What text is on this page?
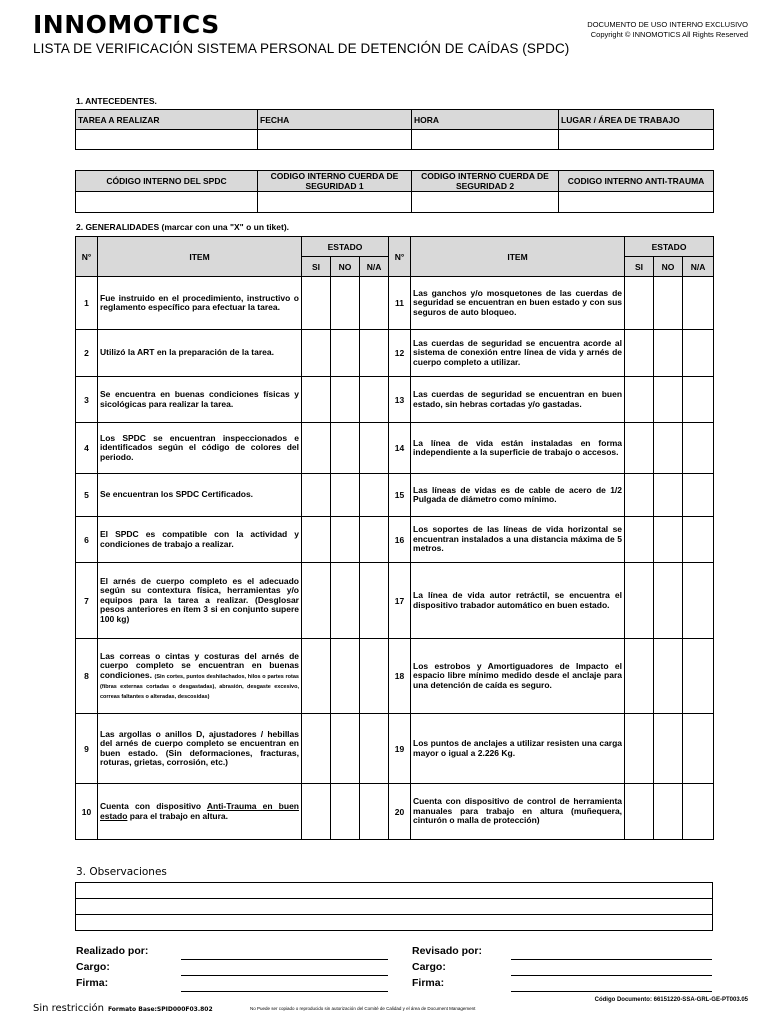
INNOMOTICS
LISTA DE VERIFICACIÓN SISTEMA PERSONAL DE DETENCIÓN DE CAÍDAS (SPDC)
DOCUMENTO DE USO INTERNO EXCLUSIVO
Copyright © INNOMOTICS All Rights Reserved
1. ANTECEDENTES.
TAREA A REALIZAR	FECHA	HORA	LUGAR / ÁREA DE TRABAJO

CÓDIGO INTERNO DEL SPDC	CODIGO INTERNO CUERDA DE SEGURIDAD 1	CODIGO INTERNO CUERDA DE SEGURIDAD 2	CODIGO INTERNO ANTI-TRAUMA

2. GENERALIDADES (marcar con una "X" o un tiket).
N°	ITEM	ESTADO			N°	ITEM	ESTADO		
		SI	NO	N/A			SI	NO	N/A
1	Fue instruido en el procedimiento, instructivo o reglamento específico para efectuar la tarea.				11	Las ganchos y/o mosquetones de las cuerdas de seguridad se encuentran en buen estado y con sus seguros de auto bloqueo.			
2	Utilizó la ART en la preparación de la tarea.				12	Las cuerdas de seguridad se encuentra acorde al sistema de conexión entre línea de vida y arnés de cuerpo completo a utilizar.			
3	Se encuentra en buenas condiciones físicas y sicológicas para realizar la tarea.				13	Las cuerdas de seguridad se encuentran en buen estado, sin hebras cortadas y/o gastadas.			
4	Los SPDC se encuentran inspeccionados e identificados según el código de colores del periodo.				14	La línea de vida están instaladas en forma independiente a la superficie de trabajo o accesos.			
5	Se encuentran los SPDC Certificados.				15	Las líneas de vidas es de cable de acero de 1/2 Pulgada de diámetro como mínimo.			
6	El SPDC es compatible con la actividad y condiciones de trabajo a realizar.				16	Los soportes de las líneas de vida horizontal se encuentran instalados a una distancia máxima de 5 metros.			
7	El arnés de cuerpo completo es el adecuado según su contextura física, herramientas y/o equipos para la tarea a realizar. (Desglosar pesos anteriores en ítem 3 si en conjunto supere 100 kg)				17	La línea de vida autor retráctil, se encuentra el dispositivo trabador automático en buen estado.			
8	Las correas o cintas y costuras del arnés de cuerpo completo se encuentran en buenas condiciones. (Sin cortes, puntos deshilachados, hilos o partes rotas (fibras externas cortadas o desgastadas), abrasión, desgaste excesivo, correas faltantes o alteradas, descosidas)				18	Los estrobos y Amortiguadores de Impacto el espacio libre mínimo medido desde el anclaje para una detención de caída es seguro.			
9	Las argollas o anillos D, ajustadores / hebillas del arnés de cuerpo completo se encuentran en buen estado. (Sin deformaciones, fracturas, roturas, grietas, corrosión, etc.)				19	Los puntos de anclajes a utilizar resisten una carga mayor o igual a 2.226 Kg.			
10	Cuenta con dispositivo Anti-Trauma en buen estado para el trabajo en altura.				20	Cuenta con dispositivo de control de herramienta manuales para trabajo en altura (muñequera, cinturón o malla de protección)			
3. Observaciones

Realizado por:
Cargo:
Firma:
Revisado por:
Cargo:
Firma:
Sin restricción Formato Base:SPID000F03.802	No Puede ser copiado o reproducido sin autorización del Comité de Calidad y el área de Document Management
Código Documento: 66151220-SSA-GRL-GE-PT003.05
